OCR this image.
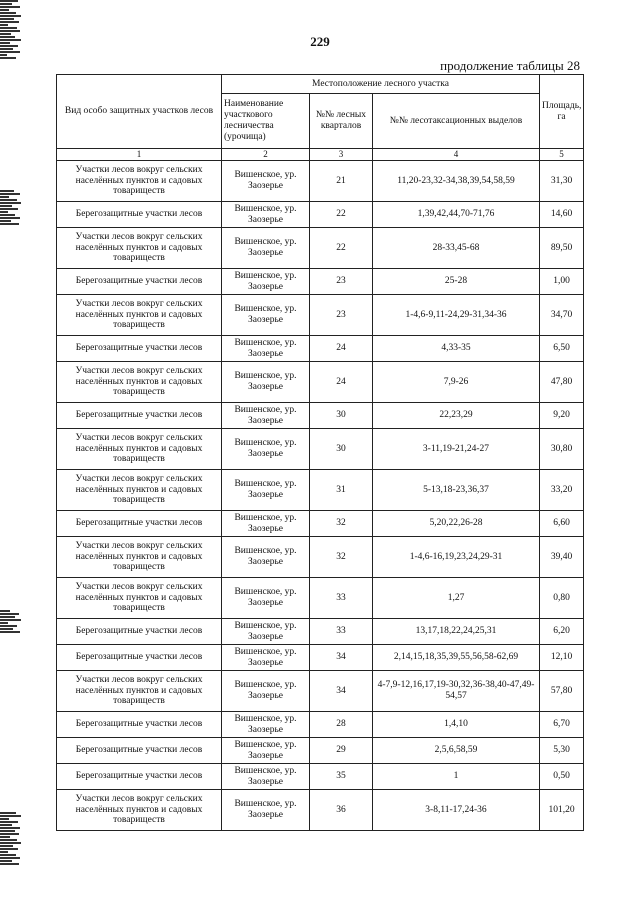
229
продолжение таблицы 28
Вид особо защитных участков лесов	Местоположение лесного участка			Площадь, га
	Наименование участкового лесничества (урочища)	№№ лесных кварталов	№№ лесотаксационных выделов	
1	2	3	4	5
Участки лесов вокруг сельских населённых пунктов и садовых товариществ	Вишенское, ур. Заозерье	21	11,20-23,32-34,38,39,54,58,59	31,30
Берегозащитные участки лесов	Вишенское, ур. Заозерье	22	1,39,42,44,70-71,76	14,60
Участки лесов вокруг сельских населённых пунктов и садовых товариществ	Вишенское, ур. Заозерье	22	28-33,45-68	89,50
Берегозащитные участки лесов	Вишенское, ур. Заозерье	23	25-28	1,00
Участки лесов вокруг сельских населённых пунктов и садовых товариществ	Вишенское, ур. Заозерье	23	1-4,6-9,11-24,29-31,34-36	34,70
Берегозащитные участки лесов	Вишенское, ур. Заозерье	24	4,33-35	6,50
Участки лесов вокруг сельских населённых пунктов и садовых товариществ	Вишенское, ур. Заозерье	24	7,9-26	47,80
Берегозащитные участки лесов	Вишенское, ур. Заозерье	30	22,23,29	9,20
Участки лесов вокруг сельских населённых пунктов и садовых товариществ	Вишенское, ур. Заозерье	30	3-11,19-21,24-27	30,80
Участки лесов вокруг сельских населённых пунктов и садовых товариществ	Вишенское, ур. Заозерье	31	5-13,18-23,36,37	33,20
Берегозащитные участки лесов	Вишенское, ур. Заозерье	32	5,20,22,26-28	6,60
Участки лесов вокруг сельских населённых пунктов и садовых товариществ	Вишенское, ур. Заозерье	32	1-4,6-16,19,23,24,29-31	39,40
Участки лесов вокруг сельских населённых пунктов и садовых товариществ	Вишенское, ур. Заозерье	33	1,27	0,80
Берегозащитные участки лесов	Вишенское, ур. Заозерье	33	13,17,18,22,24,25,31	6,20
Берегозащитные участки лесов	Вишенское, ур. Заозерье	34	2,14,15,18,35,39,55,56,58-62,69	12,10
Участки лесов вокруг сельских населённых пунктов и садовых товариществ	Вишенское, ур. Заозерье	34	4-7,9-12,16,17,19-30,32,36-38,40-47,49-54,57	57,80
Берегозащитные участки лесов	Вишенское, ур. Заозерье	28	1,4,10	6,70
Берегозащитные участки лесов	Вишенское, ур. Заозерье	29	2,5,6,58,59	5,30
Берегозащитные участки лесов	Вишенское, ур. Заозерье	35	1	0,50
Участки лесов вокруг сельских населённых пунктов и садовых товариществ	Вишенское, ур. Заозерье	36	3-8,11-17,24-36	101,20
